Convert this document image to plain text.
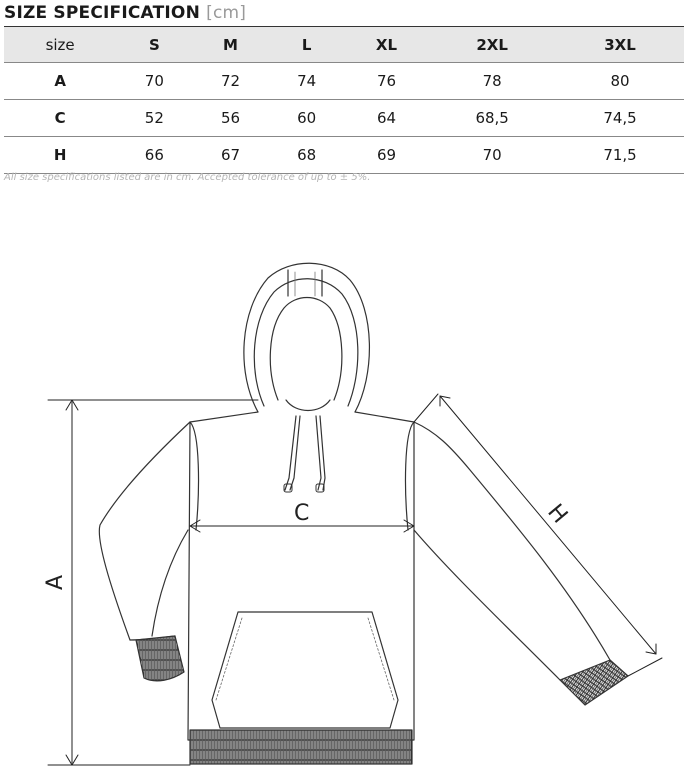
SIZE SPECIFICATION [cm]
size	S	M	L	XL	2XL	3XL
A	70	72	74	76	78	80
C	52	56	60	64	68,5	74,5
H	66	67	68	69	70	71,5
All size specifications listed are in cm. Accepted tolerance of up to ± 5%.
A
C	H
